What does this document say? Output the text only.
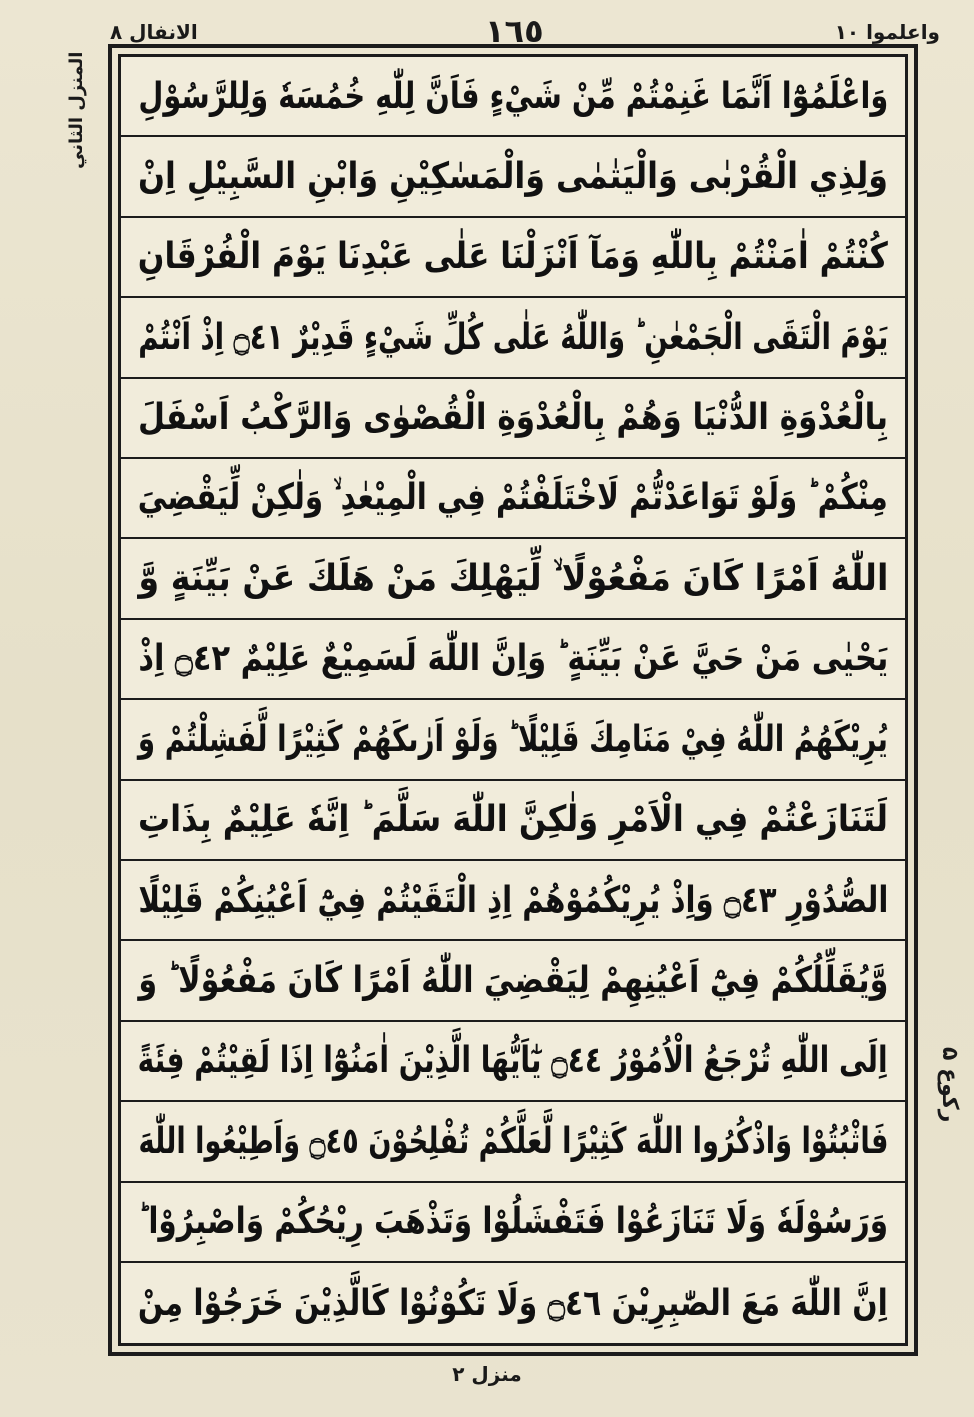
الانفال ۸	١٦٥	واعلموا ۱۰
المنزل الثاني
ركوع ۵
وَاعْلَمُوْٓا اَنَّمَا غَنِمْتُمْ مِّنْ شَيْءٍ فَاَنَّ لِلّٰهِ خُمُسَهٗ وَلِلرَّسُوْلِ
وَلِذِي الْقُرْبٰى وَالْيَتٰمٰى وَالْمَسٰكِيْنِ وَابْنِ السَّبِيْلِ اِنْ
كُنْتُمْ اٰمَنْتُمْ بِاللّٰهِ وَمَآ اَنْزَلْنَا عَلٰى عَبْدِنَا يَوْمَ الْفُرْقَانِ
يَوْمَ الْتَقَى الْجَمْعٰنِ ؕ وَاللّٰهُ عَلٰى كُلِّ شَيْءٍ قَدِيْرٌ ۝٤١ اِذْ اَنْتُمْ
بِالْعُدْوَةِ الدُّنْيَا وَهُمْ بِالْعُدْوَةِ الْقُصْوٰى وَالرَّكْبُ اَسْفَلَ
مِنْكُمْ ؕ وَلَوْ تَوَاعَدْتُّمْ لَاخْتَلَفْتُمْ فِي الْمِيْعٰدِ ۙ وَلٰكِنْ لِّيَقْضِيَ
اللّٰهُ اَمْرًا كَانَ مَفْعُوْلًا ۙ لِّيَهْلِكَ مَنْ هَلَكَ عَنْ بَيِّنَةٍ وَّ
يَحْيٰى مَنْ حَيَّ عَنْ بَيِّنَةٍ ؕ وَاِنَّ اللّٰهَ لَسَمِيْعٌ عَلِيْمٌ ۝٤٢ اِذْ
يُرِيْكَهُمُ اللّٰهُ فِيْ مَنَامِكَ قَلِيْلًا ؕ وَلَوْ اَرٰىكَهُمْ كَثِيْرًا لَّفَشِلْتُمْ وَ
لَتَنَازَعْتُمْ فِي الْاَمْرِ وَلٰكِنَّ اللّٰهَ سَلَّمَ ؕ اِنَّهٗ عَلِيْمٌ بِذَاتِ
الصُّدُوْرِ ۝٤٣ وَاِذْ يُرِيْكُمُوْهُمْ اِذِ الْتَقَيْتُمْ فِيْٓ اَعْيُنِكُمْ قَلِيْلًا
وَّيُقَلِّلُكُمْ فِيْٓ اَعْيُنِهِمْ لِيَقْضِيَ اللّٰهُ اَمْرًا كَانَ مَفْعُوْلًا ؕ وَ
اِلَى اللّٰهِ تُرْجَعُ الْاُمُوْرُ ۝٤٤ يٰٓاَيُّهَا الَّذِيْنَ اٰمَنُوْٓا اِذَا لَقِيْتُمْ فِئَةً
فَاثْبُتُوْا وَاذْكُرُوا اللّٰهَ كَثِيْرًا لَّعَلَّكُمْ تُفْلِحُوْنَ ۝٤٥ وَاَطِيْعُوا اللّٰهَ
وَرَسُوْلَهٗ وَلَا تَنَازَعُوْا فَتَفْشَلُوْا وَتَذْهَبَ رِيْحُكُمْ وَاصْبِرُوْا ؕ
اِنَّ اللّٰهَ مَعَ الصّٰبِرِيْنَ ۝٤٦ وَلَا تَكُوْنُوْا كَالَّذِيْنَ خَرَجُوْا مِنْ
منزل ۲
